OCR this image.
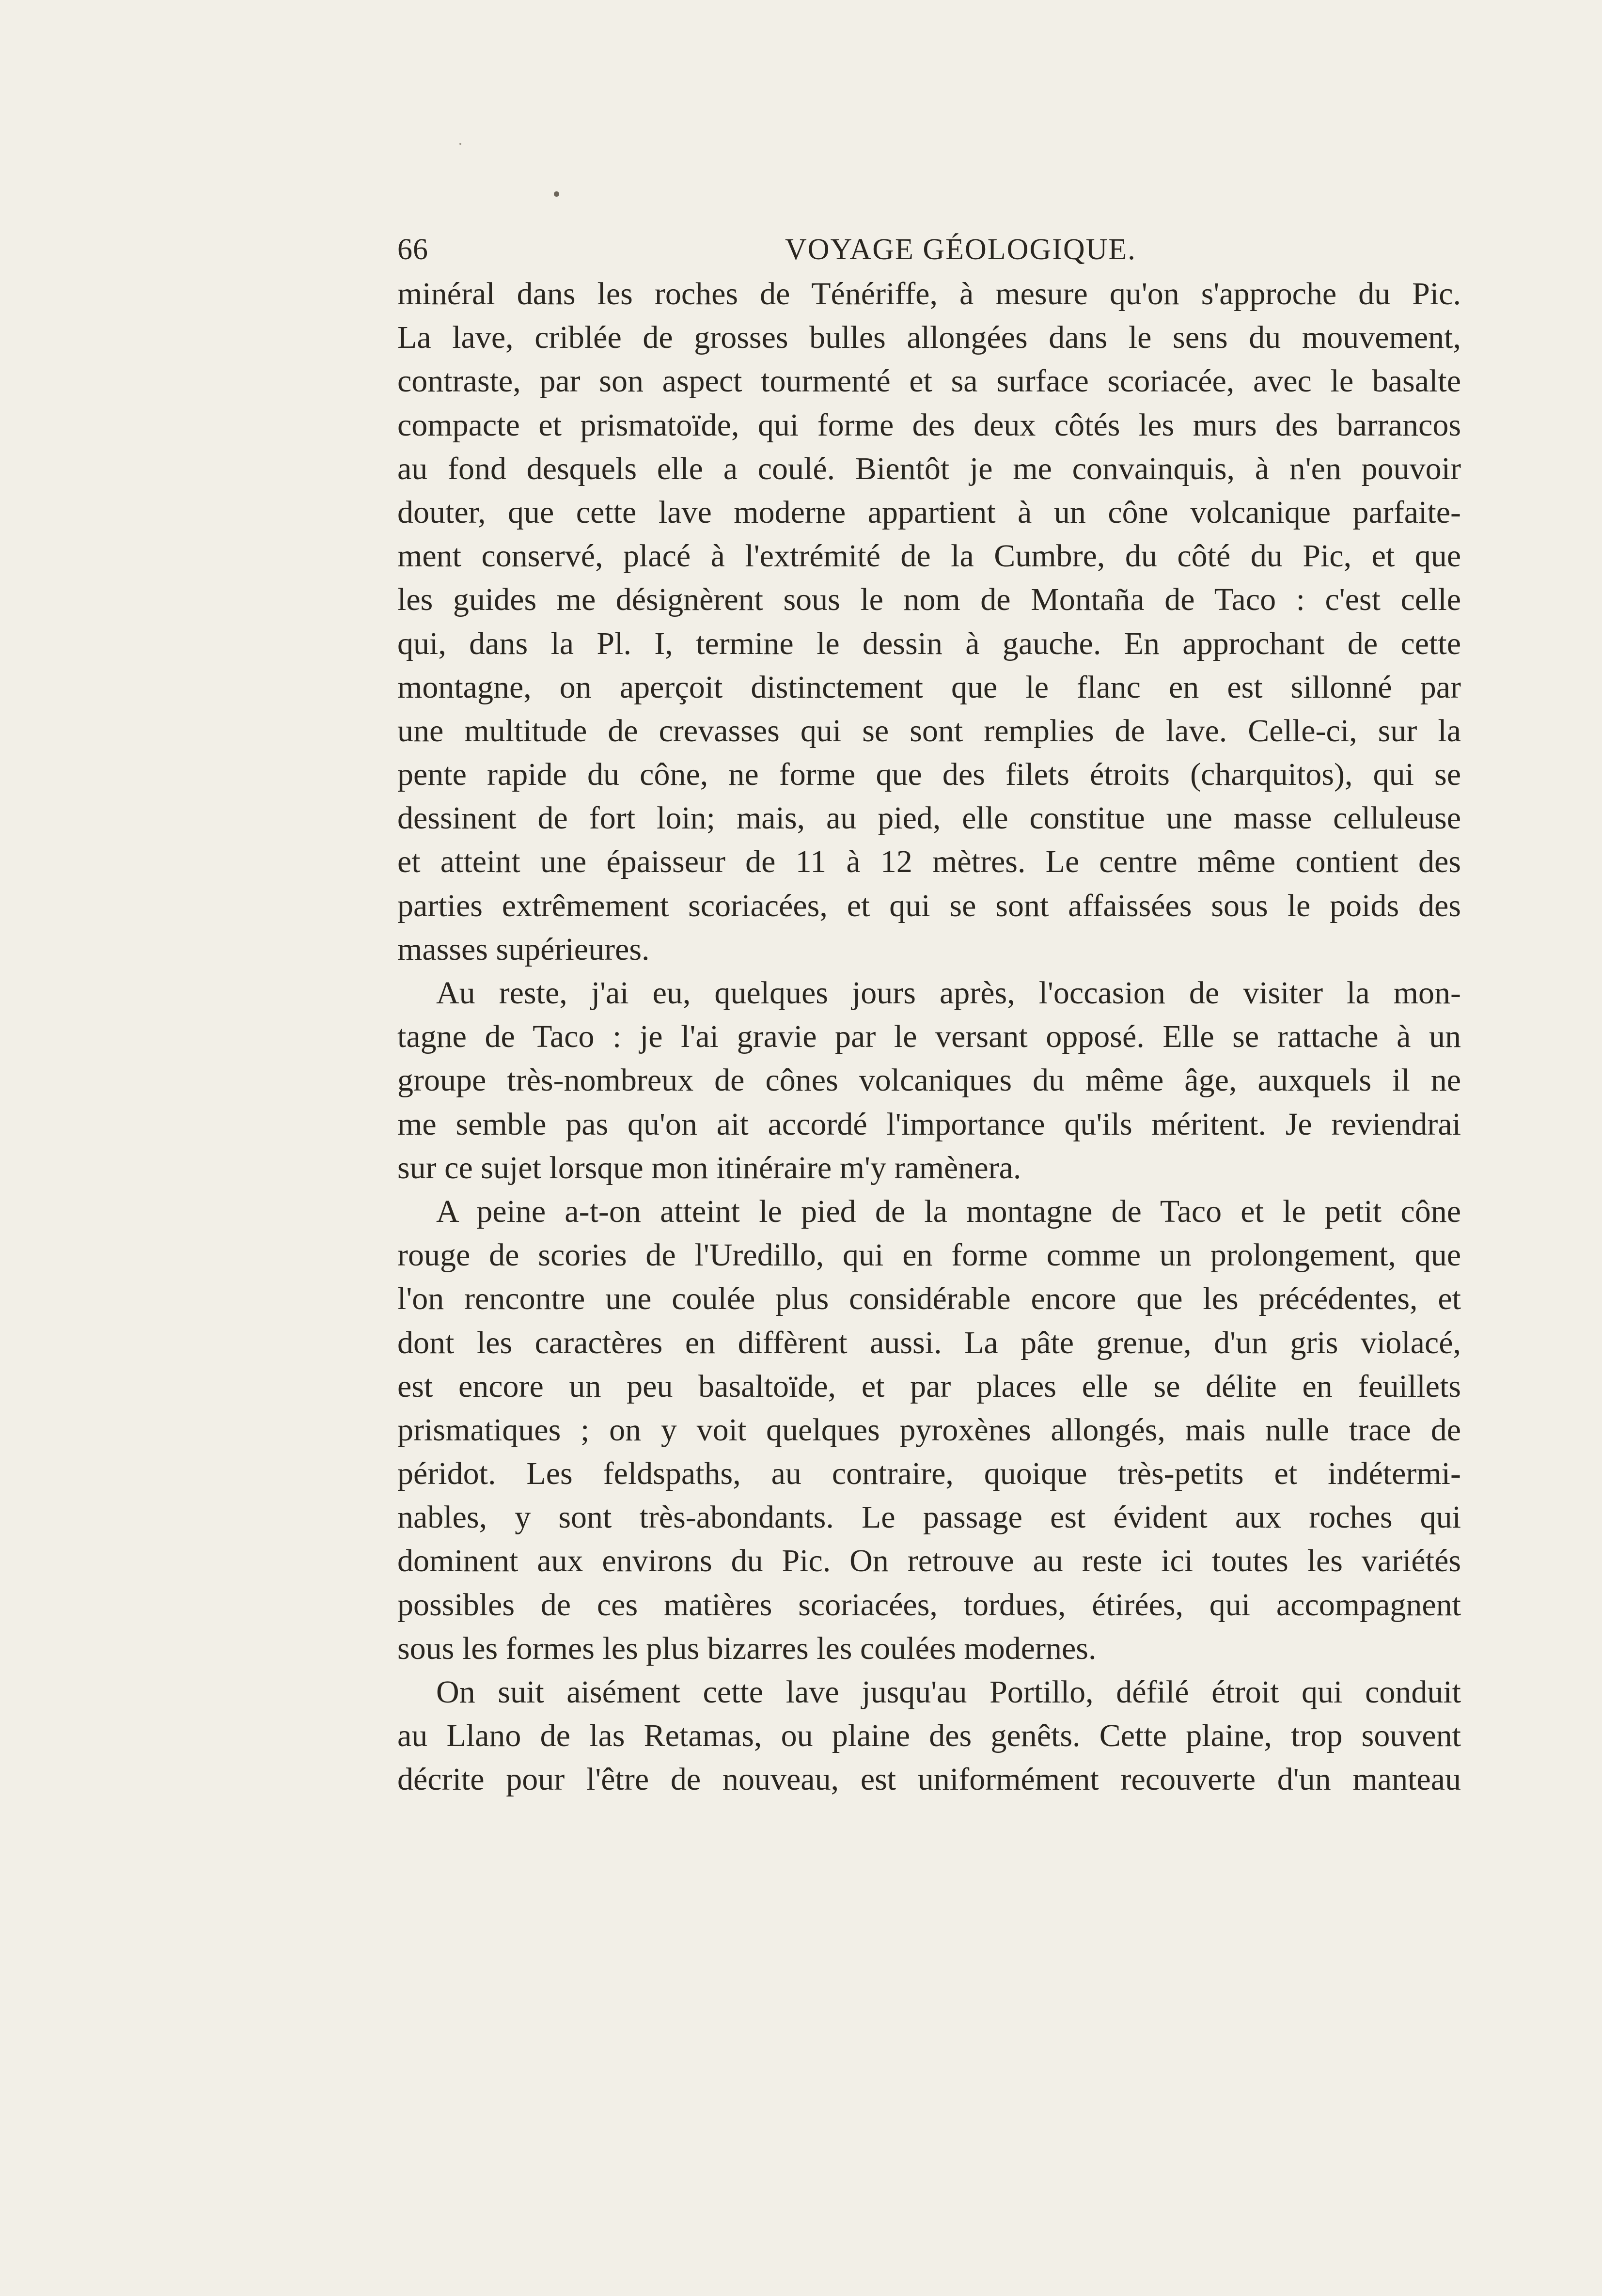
66	VOYAGE GÉOLOGIQUE.
minéral dans les roches de Ténériffe, à mesure qu'on s'approche du Pic.
La lave, criblée de grosses bulles allongées dans le sens du mouvement,
contraste, par son aspect tourmenté et sa surface scoriacée, avec le basalte
compacte et prismatoïde, qui forme des deux côtés les murs des barrancos
au fond desquels elle a coulé. Bientôt je me convainquis, à n'en pouvoir
douter, que cette lave moderne appartient à un cône volcanique parfaite-
ment conservé, placé à l'extrémité de la Cumbre, du côté du Pic, et que
les guides me désignèrent sous le nom de Montaña de Taco : c'est celle
qui, dans la Pl. I, termine le dessin à gauche. En approchant de cette
montagne, on aperçoit distinctement que le flanc en est sillonné par
une multitude de crevasses qui se sont remplies de lave. Celle-ci, sur la
pente rapide du cône, ne forme que des filets étroits (charquitos), qui se
dessinent de fort loin; mais, au pied, elle constitue une masse celluleuse
et atteint une épaisseur de 11 à 12 mètres. Le centre même contient des
parties extrêmement scoriacées, et qui se sont affaissées sous le poids des
masses supérieures.
Au reste, j'ai eu, quelques jours après, l'occasion de visiter la mon-
tagne de Taco : je l'ai gravie par le versant opposé. Elle se rattache à un
groupe très-nombreux de cônes volcaniques du même âge, auxquels il ne
me semble pas qu'on ait accordé l'importance qu'ils méritent. Je reviendrai
sur ce sujet lorsque mon itinéraire m'y ramènera.
A peine a-t-on atteint le pied de la montagne de Taco et le petit cône
rouge de scories de l'Uredillo, qui en forme comme un prolongement, que
l'on rencontre une coulée plus considérable encore que les précédentes, et
dont les caractères en diffèrent aussi. La pâte grenue, d'un gris violacé,
est encore un peu basaltoïde, et par places elle se délite en feuillets
prismatiques ; on y voit quelques pyroxènes allongés, mais nulle trace de
péridot. Les feldspaths, au contraire, quoique très-petits et indétermi-
nables, y sont très-abondants. Le passage est évident aux roches qui
dominent aux environs du Pic. On retrouve au reste ici toutes les variétés
possibles de ces matières scoriacées, tordues, étirées, qui accompagnent
sous les formes les plus bizarres les coulées modernes.
On suit aisément cette lave jusqu'au Portillo, défilé étroit qui conduit
au Llano de las Retamas, ou plaine des genêts. Cette plaine, trop souvent
décrite pour l'être de nouveau, est uniformément recouverte d'un manteau
